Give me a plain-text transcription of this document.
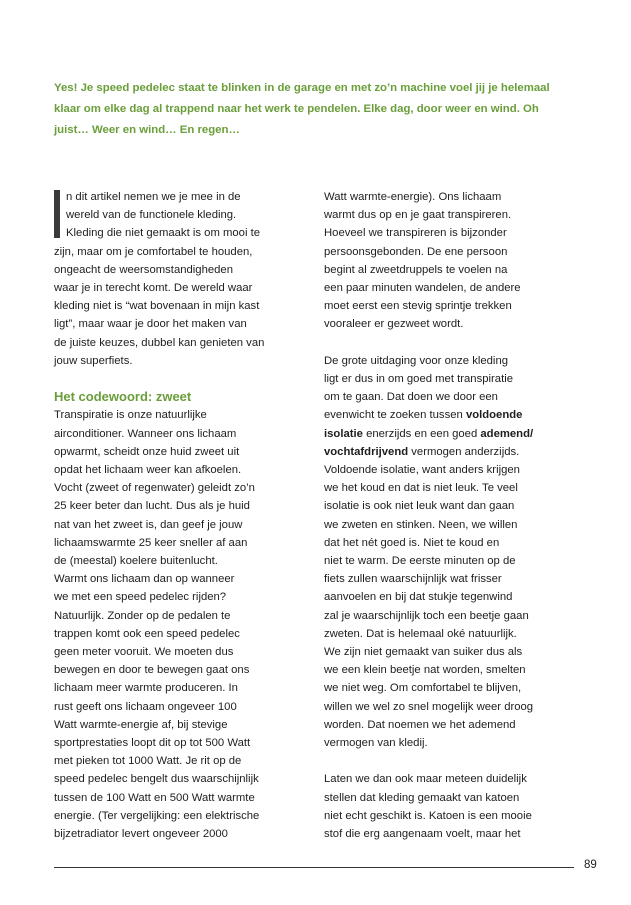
Yes! Je speed pedelec staat te blinken in de garage en met zo’n machine voel jij je helemaal klaar om elke dag al trappend naar het werk te pendelen. Elke dag, door weer en wind. Oh juist… Weer en wind… En regen…

n dit artikel nemen we je mee in de

wereld van de functionele kleding.

Kleding die niet gemaakt is om mooi te

zijn, maar om je comfortabel te houden,

ongeacht de weersomstandigheden

waar je in terecht komt. De wereld waar

kleding niet is “wat bovenaan in mijn kast

ligt”, maar waar je door het maken van

de juiste keuzes, dubbel kan genieten van

jouw superfiets.

Het codewoord: zweet

Transpiratie is onze natuurlijke

airconditioner. Wanneer ons lichaam

opwarmt, scheidt onze huid zweet uit

opdat het lichaam weer kan afkoelen.

Vocht (zweet of regenwater) geleidt zo’n

25 keer beter dan lucht. Dus als je huid

nat van het zweet is, dan geef je jouw

lichaamswarmte 25 keer sneller af aan

de (meestal) koelere buitenlucht.

Warmt ons lichaam dan op wanneer

we met een speed pedelec rijden?

Natuurlijk. Zonder op de pedalen te

trappen komt ook een speed pedelec

geen meter vooruit. We moeten dus

bewegen en door te bewegen gaat ons

lichaam meer warmte produceren. In

rust geeft ons lichaam ongeveer 100

Watt warmte-energie af, bij stevige

sportprestaties loopt dit op tot 500 Watt

met pieken tot 1000 Watt. Je rit op de

speed pedelec bengelt dus waarschijnlijk

tussen de 100 Watt en 500 Watt warmte

energie. (Ter vergelijking: een elektrische

bijzetradiator levert ongeveer 2000

Watt warmte-energie). Ons lichaam

warmt dus op en je gaat transpireren.

Hoeveel we transpireren is bijzonder

persoonsgebonden. De ene persoon

begint al zweetdruppels te voelen na

een paar minuten wandelen, de andere

moet eerst een stevig sprintje trekken

vooraleer er gezweet wordt.

De grote uitdaging voor onze kleding

ligt er dus in om goed met transpiratie

om te gaan. Dat doen we door een

evenwicht te zoeken tussen voldoende

isolatie enerzijds en een goed ademend/

vochtafdrijvend vermogen anderzijds.

Voldoende isolatie, want anders krijgen

we het koud en dat is niet leuk. Te veel

isolatie is ook niet leuk want dan gaan

we zweten en stinken. Neen, we willen

dat het nét goed is. Niet te koud en

niet te warm. De eerste minuten op de

fiets zullen waarschijnlijk wat frisser

aanvoelen en bij dat stukje tegenwind

zal je waarschijnlijk toch een beetje gaan

zweten. Dat is helemaal oké natuurlijk.

We zijn niet gemaakt van suiker dus als

we een klein beetje nat worden, smelten

we niet weg. Om comfortabel te blijven,

willen we wel zo snel mogelijk weer droog

worden. Dat noemen we het ademend

vermogen van kledij.

Laten we dan ook maar meteen duidelijk

stellen dat kleding gemaakt van katoen

niet echt geschikt is. Katoen is een mooie

stof die erg aangenaam voelt, maar het

89
